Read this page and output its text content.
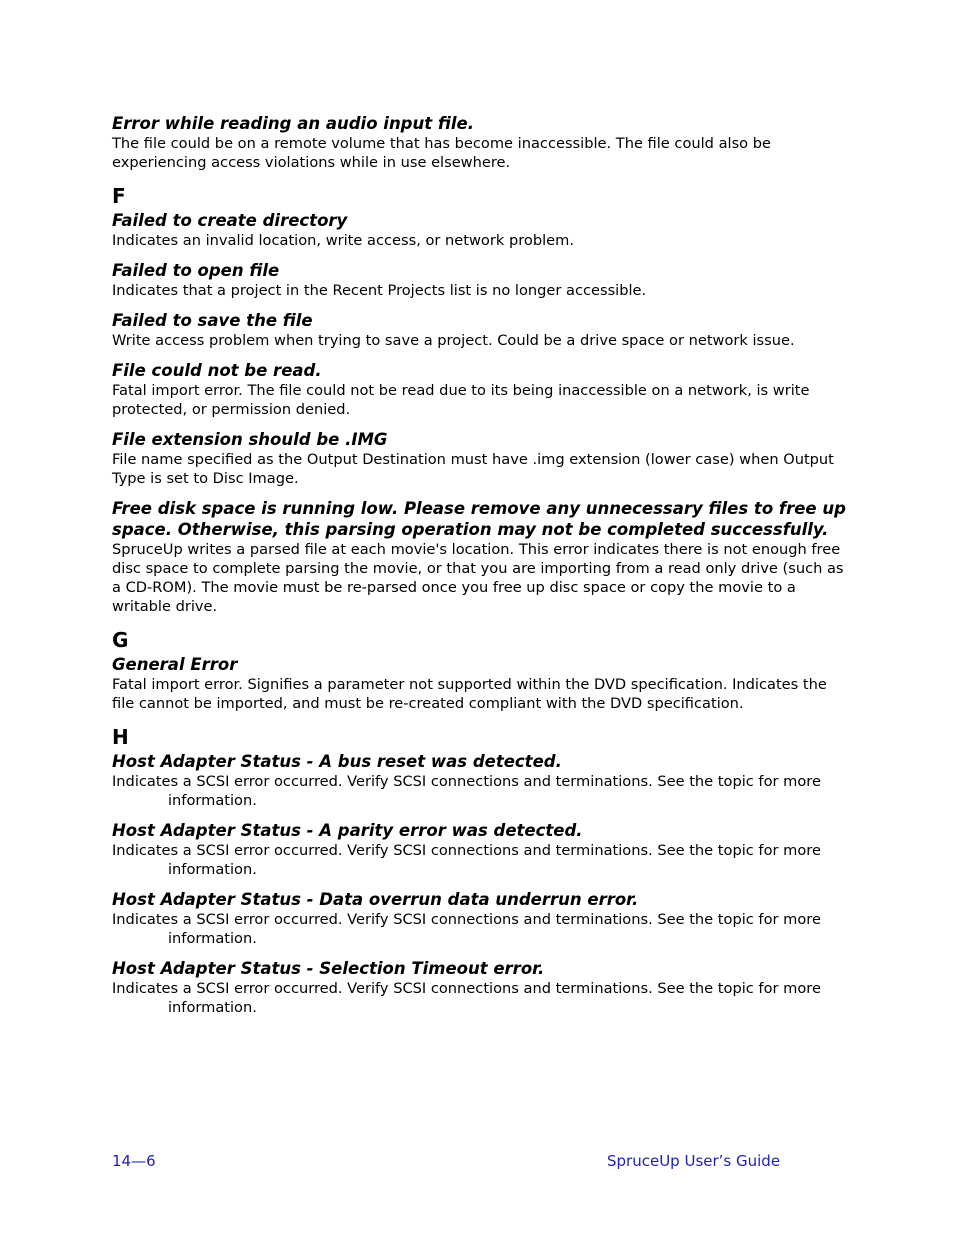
Error while reading an audio input file.

The file could be on a remote volume that has become inaccessible. The file could also be experiencing access violations while in use elsewhere.

F

Failed to create directory

Indicates an invalid location, write access, or network problem.

Failed to open file

Indicates that a project in the Recent Projects list is no longer accessible.

Failed to save the file

Write access problem when trying to save a project. Could be a drive space or network issue.

File could not be read.

Fatal import error. The file could not be read due to its being inaccessible on a network, is write protected, or permission denied.

File extension should be .IMG

File name specified as the Output Destination must have .img extension (lower case) when Output Type is set to Disc Image.

Free disk space is running low. Please remove any unnecessary files to free up space. Otherwise, this parsing operation may not be completed successfully.

SpruceUp writes a parsed file at each movie's location. This error indicates there is not enough free disc space to complete parsing the movie, or that you are importing from a read only drive (such as a CD-ROM). The movie must be re-parsed once you free up disc space or copy the movie to a writable drive.

G

General Error

Fatal import error. Signifies a parameter not supported within the DVD specification. Indicates the file cannot be imported, and must be re-created compliant with the DVD specification.

H

Host Adapter Status - A bus reset was detected.

Indicates a SCSI error occurred. Verify SCSI connections and terminations. See the topic for more information.

Host Adapter Status - A parity error was detected.

Indicates a SCSI error occurred. Verify SCSI connections and terminations. See the topic for more information.

Host Adapter Status - Data overrun data underrun error.

Indicates a SCSI error occurred. Verify SCSI connections and terminations. See the topic for more information.

Host Adapter Status - Selection Timeout error.

Indicates a SCSI error occurred. Verify SCSI connections and terminations. See the topic for more information.

14—6	SpruceUp User’s Guide
